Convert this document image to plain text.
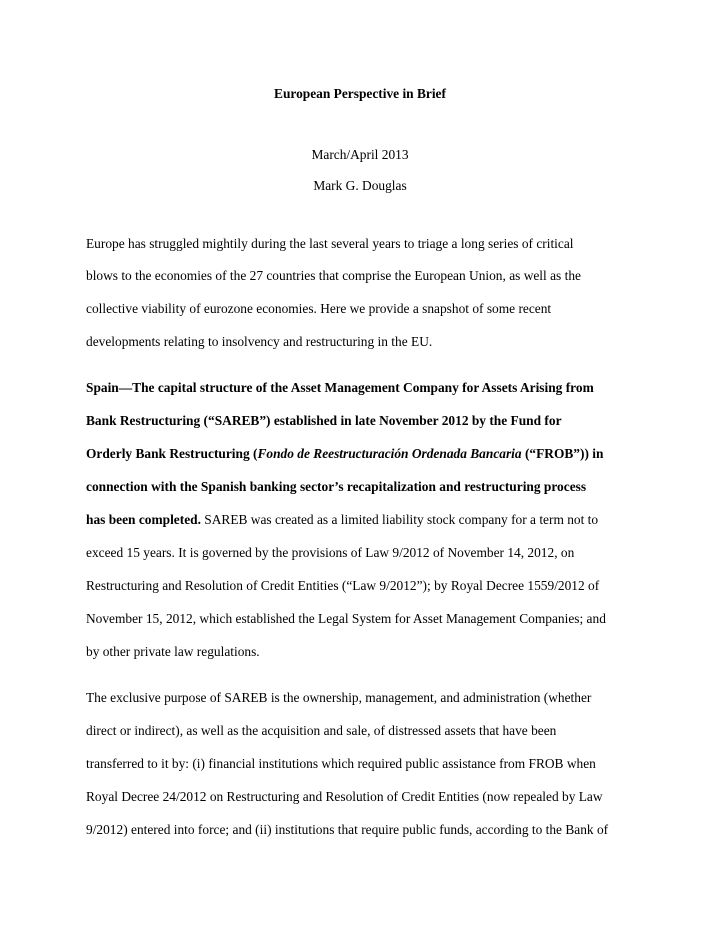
European Perspective in Brief
March/April 2013
Mark G. Douglas
Europe has struggled mightily during the last several years to triage a long series of critical
blows to the economies of the 27 countries that comprise the European Union, as well as the
collective viability of eurozone economies. Here we provide a snapshot of some recent
developments relating to insolvency and restructuring in the EU.
Spain—The capital structure of the Asset Management Company for Assets Arising from
Bank Restructuring (“SAREB”) established in late November 2012 by the Fund for
Orderly Bank Restructuring (Fondo de Reestructuración Ordenada Bancaria (“FROB”)) in
connection with the Spanish banking sector’s recapitalization and restructuring process
has been completed. SAREB was created as a limited liability stock company for a term not to
exceed 15 years. It is governed by the provisions of Law 9/2012 of November 14, 2012, on
Restructuring and Resolution of Credit Entities (“Law 9/2012”); by Royal Decree 1559/2012 of
November 15, 2012, which established the Legal System for Asset Management Companies; and
by other private law regulations.
The exclusive purpose of SAREB is the ownership, management, and administration (whether
direct or indirect), as well as the acquisition and sale, of distressed assets that have been
transferred to it by: (i) financial institutions which required public assistance from FROB when
Royal Decree 24/2012 on Restructuring and Resolution of Credit Entities (now repealed by Law
9/2012) entered into force; and (ii) institutions that require public funds, according to the Bank of
